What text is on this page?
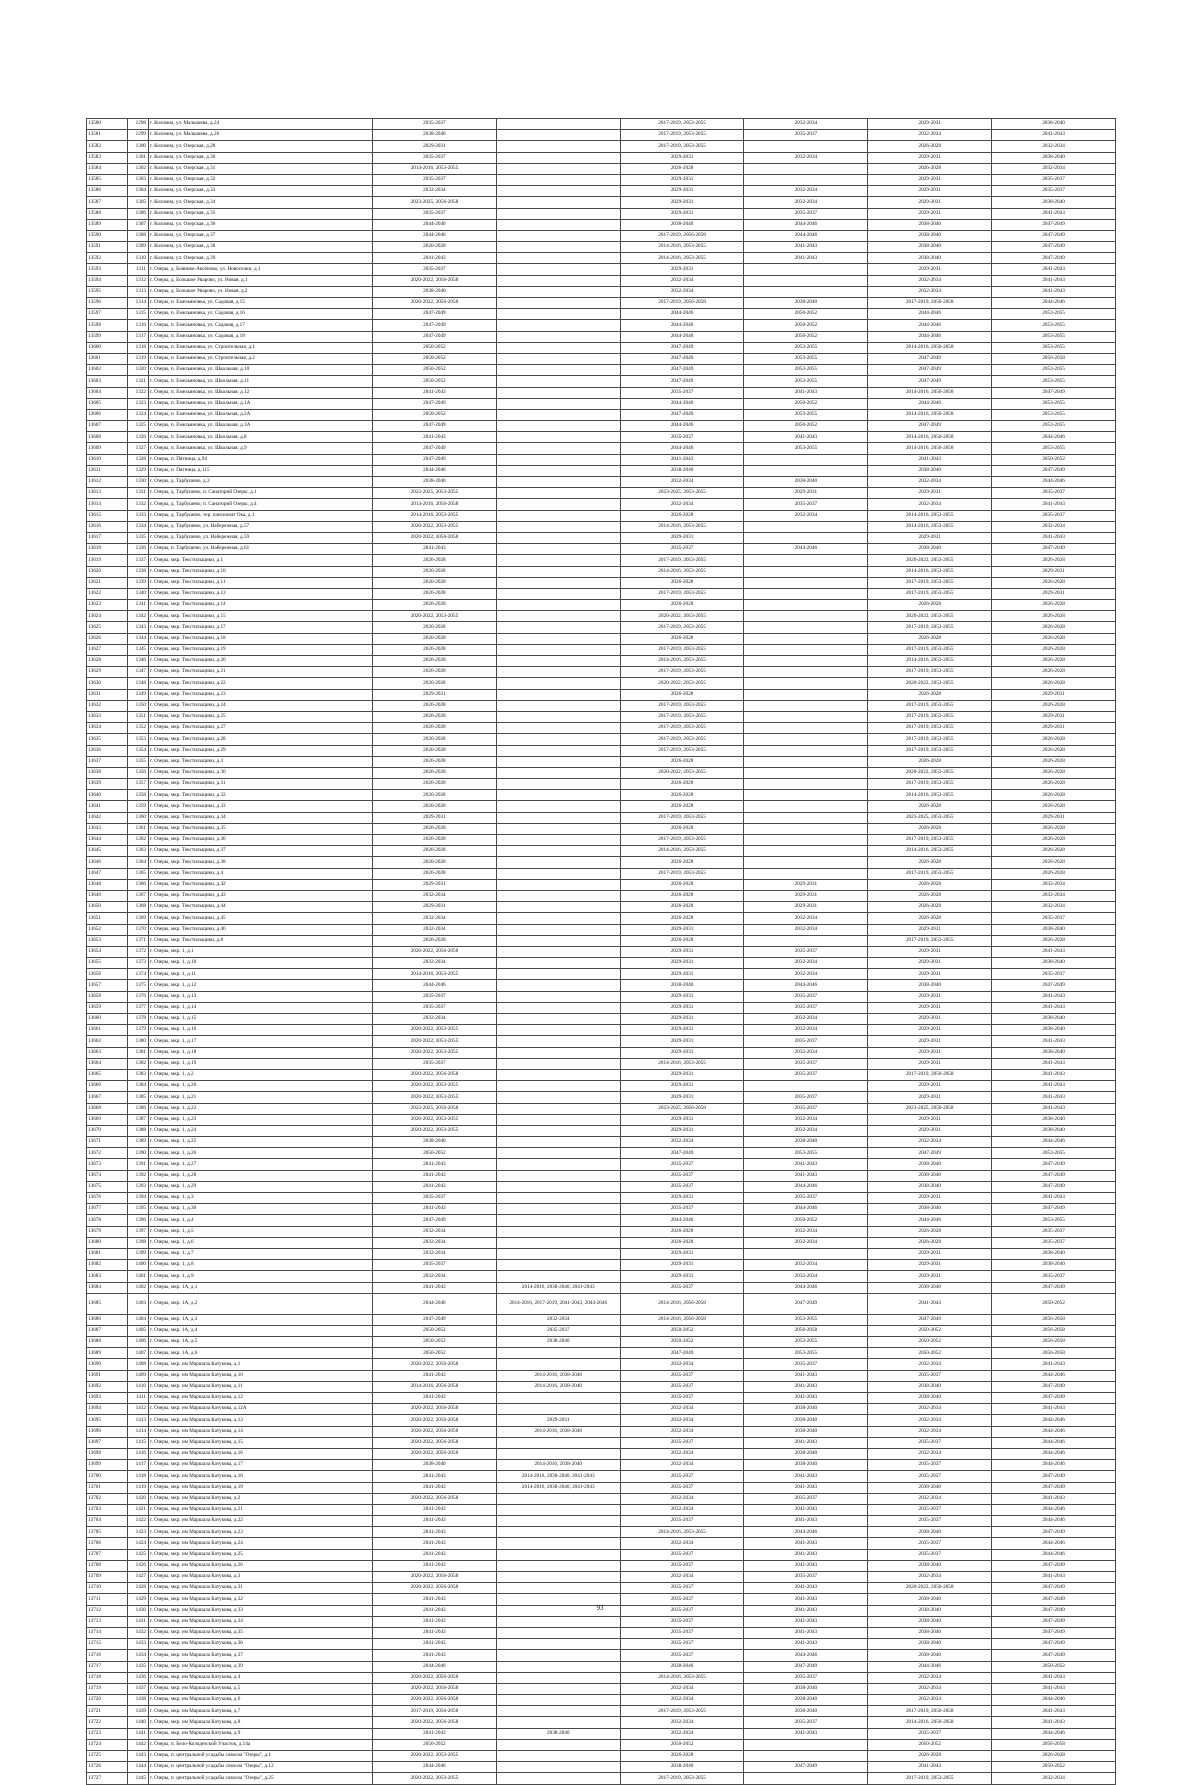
13580	1298	г. Коломна, ул. Малышева, д.24	2035-2037		2017-2019, 2053-2055	2032-2034	2029-2031	2038-2040
13581	1299	г. Коломна, ул. Малышева, д.26	2038-2040		2017-2019, 2053-2055	2035-2037	2032-2034	2041-2043
13582	1300	г. Коломна, ул. Озерская, д.28	2029-2031		2017-2019, 2053-2055		2026-2028	2032-2034
13583	1301	г. Коломна, ул. Озерская, д.30	2035-2037		2029-2031	2032-2034	2029-2031	2038-2040
13584	1302	г. Коломна, ул. Озерская, д.31	2014-2016, 2053-2055		2026-2028		2026-2028	2032-2034
13585	1303	г. Коломна, ул. Озерская, д.32	2035-2037		2029-2031		2029-2031	2035-2037
13586	1304	г. Коломна, ул. Озерская, д.33	2032-2034		2029-2031	2032-2034	2029-2031	2035-2037
13587	1305	г. Коломна, ул. Озерская, д.34	2023-2025, 2056-2058		2029-2031	2032-2034	2029-2031	2038-2040
13588	1306	г. Коломна, ул. Озерская, д.35	2035-2037		2029-2031	2035-2037	2029-2031	2041-2043
13589	1307	г. Коломна, ул. Озерская, д.36	2044-2046		2038-2040	2044-2046	2038-2040	2047-2049
13590	1308	г. Коломна, ул. Озерская, д.37	2044-2046		2017-2019, 2056-2058	2044-2046	2038-2040	2047-2049
13591	1309	г. Коломна, ул. Озерская, д.38	2026-2028		2014-2016, 2053-2055	2041-2043	2038-2040	2047-2049
13592	1310	г. Коломна, ул. Озерская, д.39	2041-2043		2014-2016, 2053-2055	2041-2043	2038-2040	2047-2049
13593	1311	г. Озеры, д. Бояново-Аксёново, ул. Новоселки, д.1	2035-2037		2029-2031		2029-2031	2041-2043
13594	1312	г. Озеры, д. Большое Уварово, ул. Новая, д.1	2020-2022, 2056-2058		2032-2034		2032-2034	2041-2043
13595	1313	г. Озеры, д. Большое Уварово, ул. Новая, д.2	2038-2040		2032-2034		2032-2034	2041-2043
13596	1314	г. Озеры, п. Емельяновка, ул. Садовая, д.15	2020-2022, 2056-2058		2017-2019, 2056-2058	2038-2040	2017-2019, 2056-2058	2044-2046
13597	1315	г. Озеры, п. Емельяновка, ул. Садовая, д.16	2047-2049		2044-2046	2050-2052	2044-2046	2053-2055
13598	1316	г. Озеры, п. Емельяновка, ул. Садовая, д.17	2047-2049		2044-2046	2050-2052	2044-2046	2053-2055
13599	1317	г. Озеры, п. Емельяновка, ул. Садовая, д.18	2047-2049		2044-2046	2050-2052	2044-2046	2053-2055
13600	1318	г. Озеры, п. Емельяновка, ул. Строительная, д.1	2050-2052		2047-2049	2053-2055	2014-2016, 2056-2058	2053-2055
13601	1319	г. Озеры, п. Емельяновка, ул. Строительная, д.2	2050-2052		2047-2049	2053-2055	2047-2049	2056-2058
13602	1320	г. Озеры, п. Емельяновка, ул. Школьная, д.10	2050-2052		2047-2049	2053-2055	2047-2049	2053-2055
13603	1321	г. Озеры, п. Емельяновка, ул. Школьная, д.11	2050-2052		2047-2049	2053-2055	2047-2049	2053-2055
13604	1322	г. Озеры, п. Емельяновка, ул. Школьная, д.12	2041-2043		2035-2037	2041-2043	2014-2016, 2056-2058	2047-2049
13605	1323	г. Озеры, п. Емельяновка, ул. Школьная, д.1А	2047-2049		2044-2046	2050-2052	2044-2046	2053-2055
13606	1324	г. Озеры, п. Емельяновка, ул. Школьная, д.2А	2050-2052		2047-2049	2053-2055	2014-2016, 2056-2058	2053-2055
13607	1325	г. Озеры, п. Емельяновка, ул. Школьная, д.3А	2047-2049		2044-2046	2050-2052	2047-2049	2053-2055
13608	1326	г. Озеры, п. Емельяновка, ул. Школьная, д.8	2041-2043		2035-2037	2041-2043	2014-2016, 2056-2058	2044-2046
13609	1327	г. Озеры, п. Емельяновка, ул. Школьная, д.9	2047-2049		2044-2046	2053-2055	2014-2016, 2056-2058	2053-2055
13610	1328	г. Озеры, п. Пятница, д.94	2047-2049		2041-2043		2041-2043	2050-2052
13611	1329	г. Озеры, п. Пятница, д.115	2044-2046		2038-2040		2038-2040	2047-2049
13612	1330	г. Озеры, д. Тарбушево, д.3	2038-2040		2032-2034	2038-2040	2032-2034	2044-2046
13613	1331	г. Озеры, д. Тарбушево, п. Санаторий Озеры, д.1	2023-2025, 2053-2055		2023-2025, 2053-2055	2029-2031	2029-2031	2035-2037
13614	1332	г. Озеры, д. Тарбушево, п. Санаторий Озеры, д.4	2014-2016, 2056-2058		2032-2034	2035-2037	2032-2034	2041-2043
13615	1333	г. Озеры, д. Тарбушево, тер. пансионат Ока, д.1	2014-2016, 2053-2055		2026-2028	2032-2034	2014-2016, 2053-2055	2035-2037
13616	1334	г. Озеры, д. Тарбушево, ул. Набережная, д.57	2020-2022, 2053-2055		2014-2016, 2053-2055		2014-2016, 2053-2055	2032-2034
13617	1335	г. Озеры, д. Тарбушево, ул. Набережная, д.59	2020-2022, 2056-2058		2029-2031		2029-2031	2041-2043
13618	1336	г. Озеры, п. Тарбушево, ул. Набережная, д.61	2041-2043		2035-2037	2044-2046	2038-2040	2047-2049
13619	1337	г. Озеры, мкр. Текстильщики, д.1	2026-2028		2017-2019, 2053-2055		2020-2022, 2053-2055	2026-2028
13620	1338	г. Озеры, мкр. Текстильщики, д.10	2026-2028		2014-2016, 2053-2055		2014-2016, 2053-2055	2029-2031
13621	1339	г. Озеры, мкр. Текстильщики, д.11	2026-2028		2026-2028		2017-2019, 2053-2055	2026-2028
13622	1340	г. Озеры, мкр. Текстильщики, д.13	2026-2028		2017-2019, 2053-2055		2017-2019, 2053-2055	2029-2031
13623	1341	г. Озеры, мкр. Текстильщики, д.14	2026-2028		2026-2028		2026-2028	2026-2028
13624	1342	г. Озеры, мкр. Текстильщики, д.15	2020-2022, 2053-2055		2020-2022, 2053-2055		2020-2022, 2053-2055	2026-2028
13625	1343	г. Озеры, мкр. Текстильщики, д.17	2026-2028		2017-2019, 2053-2055		2017-2019, 2053-2055	2026-2028
13626	1344	г. Озеры, мкр. Текстильщики, д.18	2026-2028		2026-2028		2026-2028	2026-2028
13627	1345	г. Озеры, мкр. Текстильщики, д.19	2026-2028		2017-2019, 2053-2055		2017-2019, 2053-2055	2026-2028
13628	1346	г. Озеры, мкр. Текстильщики, д.20	2026-2028		2014-2016, 2053-2055		2014-2016, 2053-2055	2026-2028
13629	1347	г. Озеры, мкр. Текстильщики, д.21	2026-2028		2017-2019, 2053-2055		2017-2019, 2053-2055	2026-2028
13630	1348	г. Озеры, мкр. Текстильщики, д.22	2026-2028		2020-2022, 2053-2055		2020-2022, 2053-2055	2026-2028
13631	1349	г. Озеры, мкр. Текстильщики, д.23	2029-2031		2026-2028		2026-2028	2029-2031
13632	1350	г. Озеры, мкр. Текстильщики, д.24	2026-2028		2017-2019, 2053-2055		2017-2019, 2053-2055	2026-2028
13633	1351	г. Озеры, мкр. Текстильщики, д.25	2026-2028		2017-2019, 2053-2055		2017-2019, 2053-2055	2029-2031
13634	1352	г. Озеры, мкр. Текстильщики, д.27	2026-2028		2017-2019, 2053-2055		2017-2019, 2053-2055	2029-2031
13635	1353	г. Озеры, мкр. Текстильщики, д.28	2026-2028		2017-2019, 2053-2055		2017-2019, 2053-2055	2026-2028
13636	1354	г. Озеры, мкр. Текстильщики, д.29	2026-2028		2017-2019, 2053-2055		2017-2019, 2053-2055	2026-2028
13637	1355	г. Озеры, мкр. Текстильщики, д.3	2026-2028		2026-2028		2026-2028	2026-2028
13638	1356	г. Озеры, мкр. Текстильщики, д.30	2026-2028		2020-2022, 2053-2055		2020-2022, 2053-2055	2026-2028
13639	1357	г. Озеры, мкр. Текстильщики, д.31	2026-2028		2026-2028		2017-2019, 2053-2055	2026-2028
13640	1358	г. Озеры, мкр. Текстильщики, д.32	2026-2028		2026-2028		2014-2016, 2053-2055	2026-2028
13641	1359	г. Озеры, мкр. Текстильщики, д.33	2026-2028		2026-2028		2026-2028	2026-2028
13642	1360	г. Озеры, мкр. Текстильщики, д.34	2029-2031		2017-2019, 2053-2055		2023-2025, 2053-2055	2029-2031
13643	1361	г. Озеры, мкр. Текстильщики, д.35	2026-2028		2026-2028		2026-2028	2026-2028
13644	1362	г. Озеры, мкр. Текстильщики, д.36	2026-2028		2017-2019, 2053-2055		2017-2019, 2053-2055	2026-2028
13645	1363	г. Озеры, мкр. Текстильщики, д.37	2026-2028		2014-2016, 2053-2055		2014-2016, 2053-2055	2026-2028
13646	1364	г. Озеры, мкр. Текстильщики, д.38	2026-2028		2026-2028		2026-2028	2026-2028
13647	1365	г. Озеры, мкр. Текстильщики, д.4	2026-2028		2017-2019, 2053-2055		2017-2019, 2053-2055	2026-2028
13648	1366	г. Озеры, мкр. Текстильщики, д.42	2029-2031		2026-2028	2029-2031	2026-2028	2032-2034
13649	1367	г. Озеры, мкр. Текстильщики, д.43	2032-2034		2026-2028	2029-2031	2026-2028	2032-2034
13650	1368	г. Озеры, мкр. Текстильщики, д.44	2029-2031		2026-2028	2029-2031	2026-2028	2032-2034
13651	1369	г. Озеры, мкр. Текстильщики, д.45	2032-2034		2026-2028	2032-2034	2026-2028	2035-2037
13652	1370	г. Озеры, мкр. Текстильщики, д.46	2032-2034		2029-2031	2032-2034	2029-2031	2038-2040
13653	1371	г. Озеры, мкр. Текстильщики, д.8	2026-2028		2026-2028		2017-2019, 2053-2055	2026-2028
13654	1372	г. Озеры, мкр. 1, д.1	2020-2022, 2056-2058		2029-2031	2035-2037	2029-2031	2041-2043
13655	1373	г. Озеры, мкр. 1, д.10	2032-2034		2029-2031	2032-2034	2029-2031	2038-2040
13656	1374	г. Озеры, мкр. 1, д.11	2014-2016, 2053-2055		2029-2031	2032-2034	2029-2031	2035-2037
13657	1375	г. Озеры, мкр. 1, д.12	2044-2046		2038-2040	2044-2046	2038-2040	2047-2049
13658	1376	г. Озеры, мкр. 1, д.13	2035-2037		2029-2031	2035-2037	2029-2031	2041-2043
13659	1377	г. Озеры, мкр. 1, д.14	2035-2037		2029-2031	2035-2037	2029-2031	2041-2043
13660	1378	г. Озеры, мкр. 1, д.15	2032-2034		2029-2031	2032-2034	2029-2031	2038-2040
13661	1379	г. Озеры, мкр. 1, д.16	2020-2022, 2053-2055		2029-2031	2032-2034	2029-2031	2038-2040
13662	1380	г. Озеры, мкр. 1, д.17	2020-2022, 2053-2055		2029-2031	2035-2037	2029-2031	2041-2043
13663	1381	г. Озеры, мкр. 1, д.18	2020-2022, 2053-2055		2029-2031	2032-2034	2029-2031	2038-2040
13664	1382	г. Озеры, мкр. 1, д.19	2035-2037		2014-2016, 2053-2055	2035-2037	2029-2031	2041-2043
13665	1383	г. Озеры, мкр. 1, д.2	2020-2022, 2056-2058		2029-2031	2035-2037	2017-2019, 2056-2058	2041-2043
13666	1384	г. Озеры, мкр. 1, д.20	2020-2022, 2053-2055		2029-2031		2029-2031	2041-2043
13667	1385	г. Озеры, мкр. 1, д.21	2020-2022, 2053-2055		2029-2031	2035-2037	2029-2031	2041-2043
13668	1386	г. Озеры, мкр. 1, д.22	2023-2025, 2056-2058		2023-2025, 2056-2058	2035-2037	2023-2025, 2056-2058	2041-2043
13669	1387	г. Озеры, мкр. 1, д.23	2020-2022, 2053-2055		2029-2031	2032-2034	2029-2031	2038-2040
13670	1388	г. Озеры, мкр. 1, д.24	2020-2022, 2053-2055		2029-2031	2032-2034	2029-2031	2038-2040
13671	1389	г. Озеры, мкр. 1, д.25	2038-2040		2032-2034	2038-2040	2032-2034	2044-2046
13672	1390	г. Озеры, мкр. 1, д.26	2050-2052		2047-2049	2053-2055	2047-2049	2053-2055
13673	1391	г. Озеры, мкр. 1, д.27	2041-2043		2035-2037	2041-2043	2038-2040	2047-2049
13674	1392	г. Озеры, мкр. 1, д.28	2041-2043		2035-2037	2041-2043	2038-2040	2047-2049
13675	1393	г. Озеры, мкр. 1, д.29	2041-2043		2035-2037	2044-2046	2038-2040	2047-2049
13676	1394	г. Озеры, мкр. 1, д.3	2035-2037		2029-2031	2035-2037	2029-2031	2041-2043
13677	1395	г. Озеры, мкр. 1, д.30	2041-2043		2035-2037	2044-2046	2038-2040	2047-2049
13678	1396	г. Озеры, мкр. 1, д.4	2047-2049		2044-2046	2050-2052	2044-2046	2053-2055
13679	1397	г. Озеры, мкр. 1, д.5	2032-2034		2026-2028	2032-2034	2026-2028	2035-2037
13680	1398	г. Озеры, мкр. 1, д.6	2032-2034		2026-2028	2032-2034	2026-2028	2035-2037
13681	1399	г. Озеры, мкр. 1, д.7	2032-2034		2029-2031		2029-2031	2038-2040
13682	1400	г. Озеры, мкр. 1, д.8	2035-2037		2029-2031	2032-2034	2029-2031	2038-2040
13683	1401	г. Озеры, мкр. 1, д.9	2032-2034		2029-2031	2032-2034	2029-2031	2035-2037
13684	1402	г. Озеры, мкр. 1А, д.1	2041-2043	2014-2016, 2038-2040, 2041-2043	2035-2037	2044-2046	2038-2040	2047-2049
13685	1403	г. Озеры, мкр. 1А, д.2	2044-2046	2014-2016, 2017-2019, 2041-2043, 2044-2046	2014-2016, 2056-2058	2047-2049	2041-2043	2050-2052
13686	1404	г. Озеры, мкр. 1А, д.3	2047-2049	2032-2034	2014-2016, 2056-2058	2053-2055	2047-2049	2056-2058
13687	1405	г. Озеры, мкр. 1А, д.4	2050-2052	2035-2037	2050-2052	2056-2058	2050-2052	2056-2058
13688	1406	г. Озеры, мкр. 1А, д.5	2050-2052	2038-2040	2050-2052	2053-2055	2050-2052	2056-2058
13689	1407	г. Озеры, мкр. 1А, д.6	2050-2052		2047-2049	2053-2055	2050-2052	2056-2058
13690	1408	г. Озеры, мкр. им Маршала Катукова, д.1	2020-2022, 2056-2058		2032-2034	2035-2037	2032-2034	2041-2043
13691	1409	г. Озеры, мкр. им Маршала Катукова, д.10	2041-2043	2014-2016, 2038-2040	2035-2037	2041-2043	2035-2037	2044-2046
13692	1410	г. Озеры, мкр. им Маршала Катукова, д.11	2014-2016, 2056-2058	2014-2016, 2038-2040	2035-2037	2041-2043	2038-2040	2047-2049
13693	1411	г. Озеры, мкр. им Маршала Катукова, д.12	2041-2043		2035-2037	2041-2043	2038-2040	2047-2049
13694	1412	г. Озеры, мкр. им Маршала Катукова, д.12А	2020-2022, 2056-2058		2032-2034	2038-2040	2032-2034	2041-2043
13695	1413	г. Озеры, мкр. им Маршала Катукова, д.13	2020-2022, 2056-2058	2029-2031	2032-2034	2038-2040	2032-2034	2044-2046
13696	1414	г. Озеры, мкр. им Маршала Катукова, д.14	2020-2022, 2056-2058	2014-2016, 2038-2040	2032-2034	2038-2040	2032-2034	2044-2046
13697	1415	г. Озеры, мкр. им Маршала Катукова, д.15	2020-2022, 2056-2058		2035-2037	2041-2043	2035-2037	2044-2046
13698	1416	г. Озеры, мкр. им Маршала Катукова, д.16	2020-2022, 2056-2058		2032-2034	2038-2040	2032-2034	2044-2046
13699	1417	г. Озеры, мкр. им Маршала Катукова, д.17	2038-2040	2014-2016, 2038-2040	2032-2034	2038-2040	2035-2037	2044-2046
13700	1418	г. Озеры, мкр. им Маршала Катукова, д.18	2041-2043	2014-2016, 2038-2040, 2041-2043	2035-2037	2041-2043	2035-2037	2047-2049
13701	1419	г. Озеры, мкр. им Маршала Катукова, д.19	2041-2043	2014-2016, 2038-2040, 2041-2043	2035-2037	2041-2043	2038-2040	2047-2049
13702	1420	г. Озеры, мкр. им Маршала Катукова, д.2	2020-2022, 2056-2058		2032-2034	2035-2037	2032-2034	2041-2043
13703	1421	г. Озеры, мкр. им Маршала Катукова, д.21	2041-2043		2032-2034	2041-2043	2035-2037	2044-2046
13704	1422	г. Озеры, мкр. им Маршала Катукова, д.22	2041-2043		2035-2037	2041-2043	2035-2037	2044-2046
13705	1423	г. Озеры, мкр. им Маршала Катукова, д.23	2041-2043		2014-2016, 2053-2055	2044-2046	2038-2040	2047-2049
13706	1424	г. Озеры, мкр. им Маршала Катукова, д.24	2041-2043		2032-2034	2041-2043	2035-2037	2044-2046
13707	1425	г. Озеры, мкр. им Маршала Катукова, д.25	2041-2043		2035-2037	2041-2043	2035-2037	2044-2046
13708	1426	г. Озеры, мкр. им Маршала Катукова, д.26	2041-2043		2035-2037	2041-2043	2038-2040	2047-2049
13709	1427	г. Озеры, мкр. им Маршала Катукова, д.3	2020-2022, 2056-2058		2032-2034	2035-2037	2032-2034	2041-2043
13710	1428	г. Озеры, мкр. им Маршала Катукова, д.31	2020-2022, 2056-2058		2035-2037	2041-2043	2020-2022, 2056-2058	2047-2049
13711	1429	г. Озеры, мкр. им Маршала Катукова, д.32	2041-2043		2035-2037	2041-2043	2038-2040	2047-2049
13712	1430	г. Озеры, мкр. им Маршала Катукова, д.33	2041-2043		2035-2037	2041-2043	2038-2040	2047-2049
13713	1431	г. Озеры, мкр. им Маршала Катукова, д.34	2041-2043		2035-2037	2041-2043	2038-2040	2047-2049
13714	1432	г. Озеры, мкр. им Маршала Катукова, д.35	2041-2043		2035-2037	2041-2043	2038-2040	2047-2049
13715	1433	г. Озеры, мкр. им Маршала Катукова, д.36	2041-2043		2035-2037	2041-2043	2038-2040	2047-2049
13716	1434	г. Озеры, мкр. им Маршала Катукова, д.37	2041-2043		2035-2037	2044-2046	2038-2040	2047-2049
13717	1435	г. Озеры, мкр. им Маршала Катукова, д.39	2044-2046		2038-2046	2047-2049	2044-2046	2050-2052
13718	1436	г. Озеры, мкр. им Маршала Катукова, д.4	2020-2022, 2056-2058		2014-2016, 2053-2055	2035-2037	2032-2034	2041-2043
13719	1437	г. Озеры, мкр. им Маршала Катукова, д.5	2020-2022, 2056-2058		2032-2034	2038-2040	2032-2034	2041-2043
13720	1438	г. Озеры, мкр. им Маршала Катукова, д.6	2020-2022, 2056-2058		2032-2034	2038-2040	2032-2034	2044-2046
13721	1439	г. Озеры, мкр. им Маршала Катукова, д.7	2017-2019, 2056-2058		2017-2019, 2053-2055	2038-2040	2017-2019, 2056-2058	2041-2043
13722	1440	г. Озеры, мкр. им Маршала Катукова, д.8	2020-2022, 2056-2058		2032-2034	2035-2037	2014-2016, 2056-2058	2041-2043
13723	1441	г. Озеры, мкр. им Маршала Катукова, д.9	2041-2043	2038-2040	2032-2034	2041-2043	2035-2037	2044-2046
13724	1442	г. Озеры, п. Бело-Колодезский Участок, д.14а	2050-2052		2050-2052		2050-2052	2056-2058
13725	1443	г. Озеры, п. центральной усадьбы совхоза "Озеры", д.1	2020-2022, 2053-2055		2026-2028		2026-2028	2026-2028
13726	1444	г. Озеры, п. центральной усадьбы совхоза "Озеры", д.12	2044-2046		2038-2040	2047-2049	2041-2043	2050-2052
13727	1445	г. Озеры, п. центральной усадьбы совхоза "Озеры", д.25	2020-2022, 2053-2055		2017-2019, 2053-2055		2017-2019, 2053-2055	2032-2034
93
